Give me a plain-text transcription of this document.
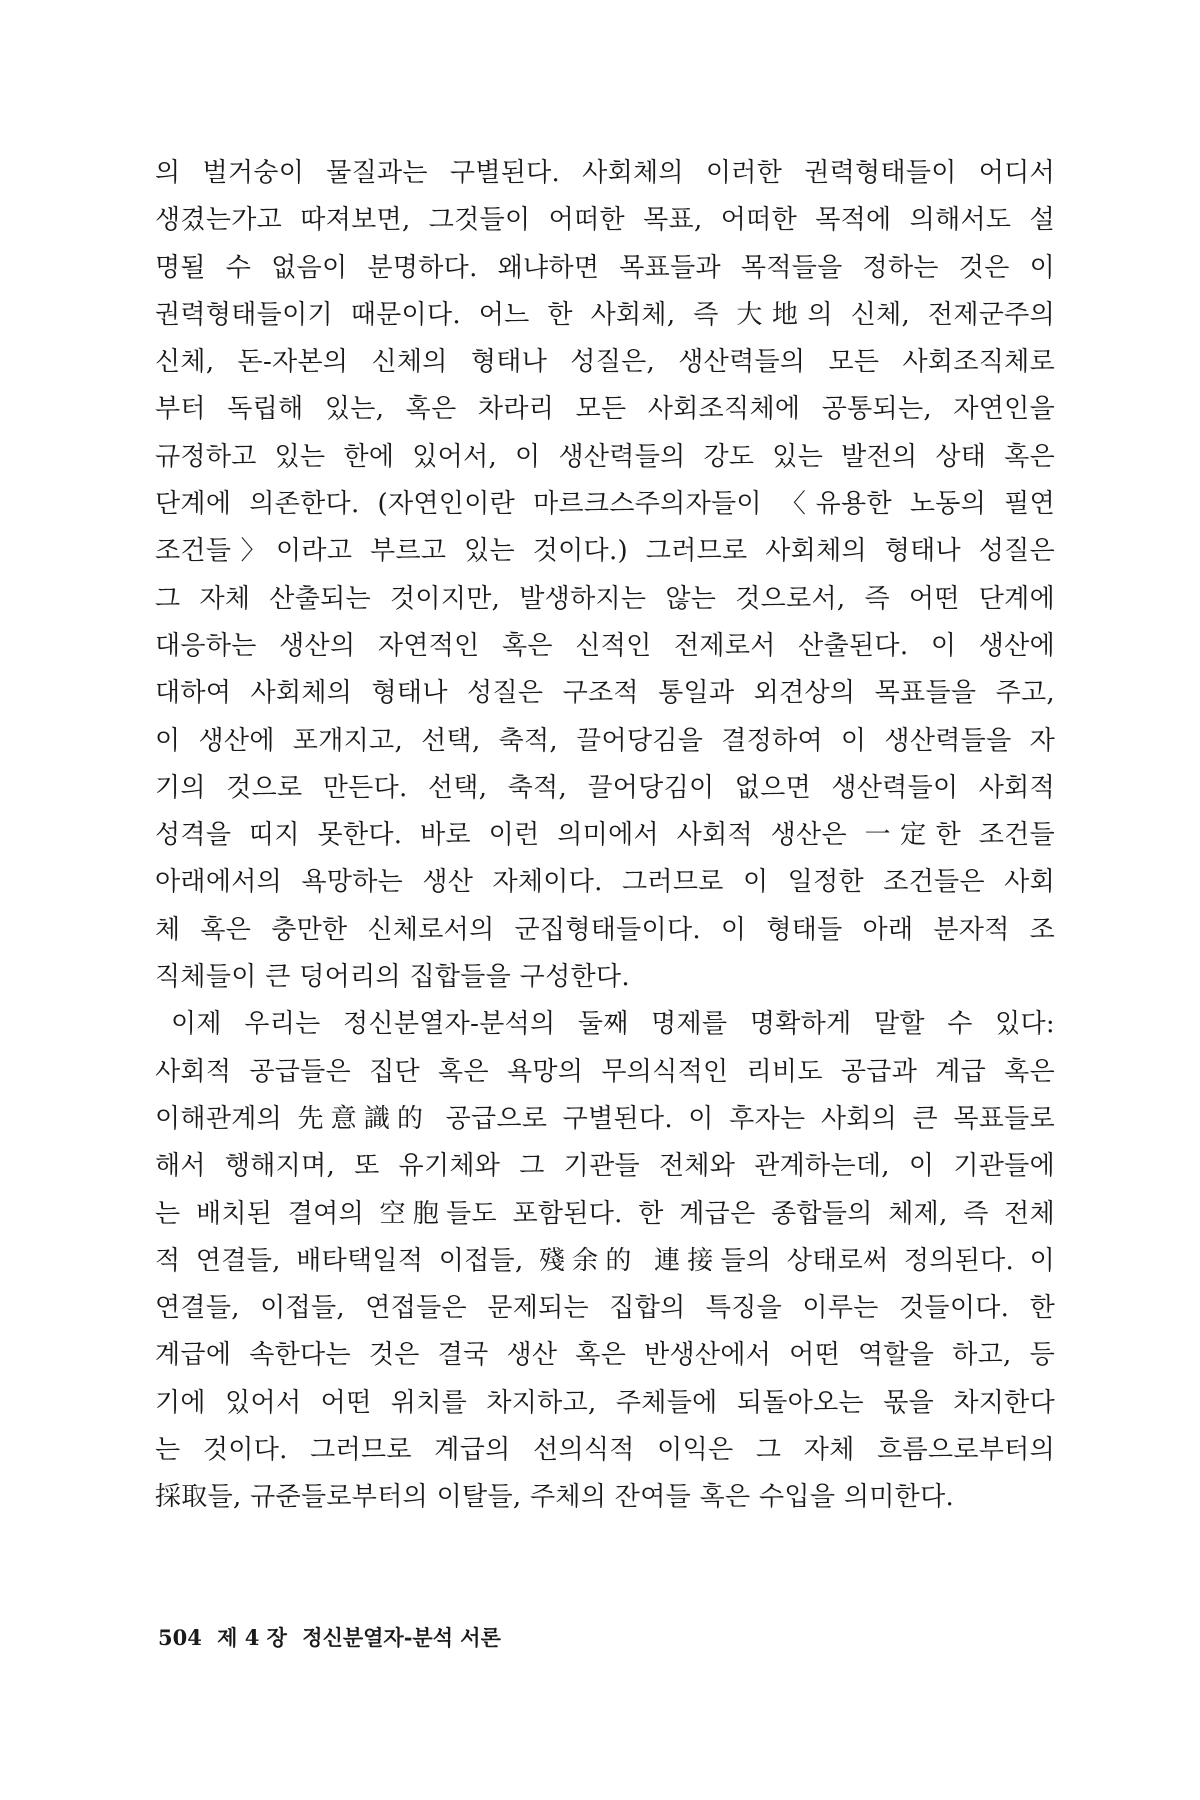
의 벌거숭이 물질과는 구별된다. 사회체의 이러한 권력형태들이 어디서
생겼는가고 따져보면, 그것들이 어떠한 목표, 어떠한 목적에 의해서도 설
명될 수 없음이 분명하다. 왜냐하면 목표들과 목적들을 정하는 것은 이
권력형태들이기 때문이다. 어느 한 사회체, 즉 大地의 신체, 전제군주의
신체, 돈-자본의 신체의 형태나 성질은, 생산력들의 모든 사회조직체로
부터 독립해 있는, 혹은 차라리 모든 사회조직체에 공통되는, 자연인을
규정하고 있는 한에 있어서, 이 생산력들의 강도 있는 발전의 상태 혹은
단계에 의존한다. (자연인이란 마르크스주의자들이 〈유용한 노동의 필연
조건들〉이라고 부르고 있는 것이다.) 그러므로 사회체의 형태나 성질은
그 자체 산출되는 것이지만, 발생하지는 않는 것으로서, 즉 어떤 단계에
대응하는 생산의 자연적인 혹은 신적인 전제로서 산출된다. 이 생산에
대하여 사회체의 형태나 성질은 구조적 통일과 외견상의 목표들을 주고,
이 생산에 포개지고, 선택, 축적, 끌어당김을 결정하여 이 생산력들을 자
기의 것으로 만든다. 선택, 축적, 끌어당김이 없으면 생산력들이 사회적
성격을 띠지 못한다. 바로 이런 의미에서 사회적 생산은 一定한 조건들
아래에서의 욕망하는 생산 자체이다. 그러므로 이 일정한 조건들은 사회
체 혹은 충만한 신체로서의 군집형태들이다. 이 형태들 아래 분자적 조
직체들이 큰 덩어리의 집합들을 구성한다.
이제 우리는 정신분열자-분석의 둘째 명제를 명확하게 말할 수 있다:
사회적 공급들은 집단 혹은 욕망의 무의식적인 리비도 공급과 계급 혹은
이해관계의 先意識的 공급으로 구별된다. 이 후자는 사회의 큰 목표들로
해서 행해지며, 또 유기체와 그 기관들 전체와 관계하는데, 이 기관들에
는 배치된 결여의 空胞들도 포함된다. 한 계급은 종합들의 체제, 즉 전체
적 연결들, 배타택일적 이접들, 殘余的 連接들의 상태로써 정의된다. 이
연결들, 이접들, 연접들은 문제되는 집합의 특징을 이루는 것들이다. 한
계급에 속한다는 것은 결국 생산 혹은 반생산에서 어떤 역할을 하고, 등
기에 있어서 어떤 위치를 차지하고, 주체들에 되돌아오는 몫을 차지한다
는 것이다. 그러므로 계급의 선의식적 이익은 그 자체 흐름으로부터의
採取들, 규준들로부터의 이탈들, 주체의 잔여들 혹은 수입을 의미한다.
504 제 4 장 정신분열자-분석 서론
